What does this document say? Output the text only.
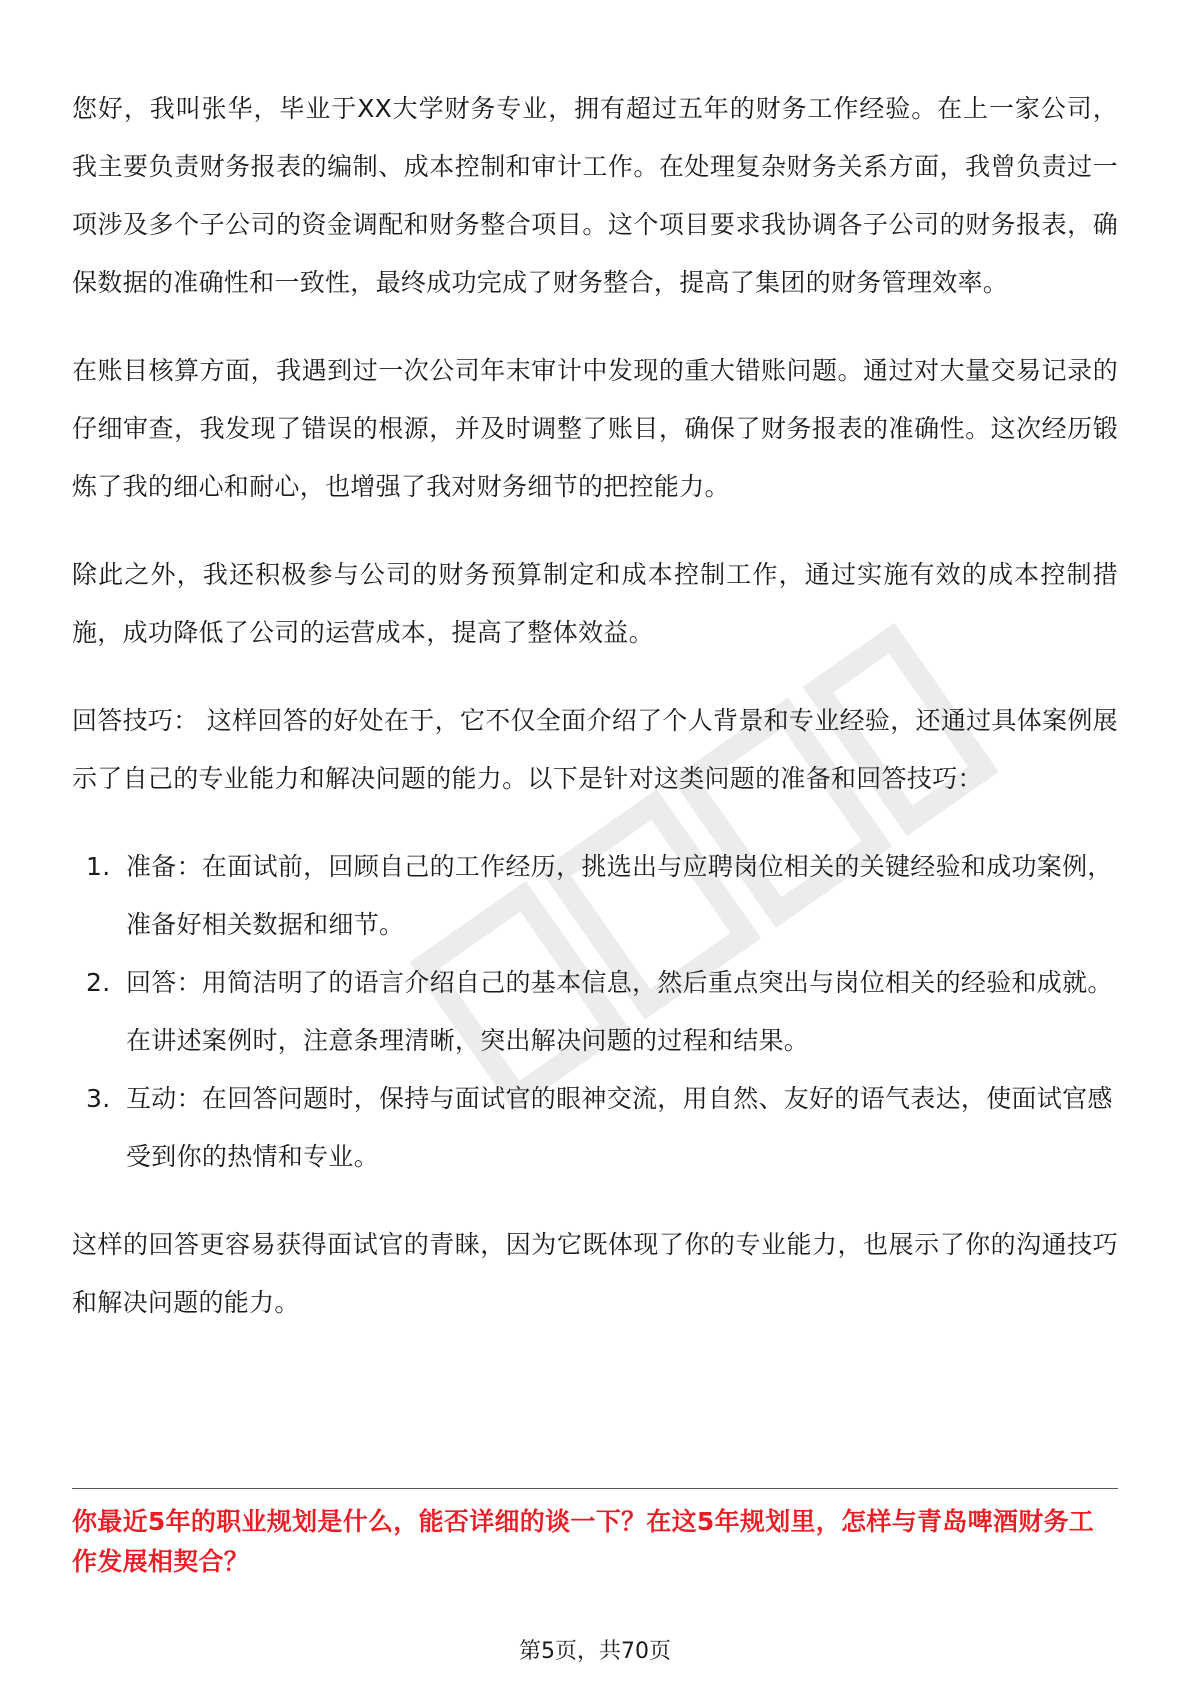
您好，我叫张华，毕业于XX大学财务专业，拥有超过五年的财务工作经验。在上一家公司，我主要负责财务报表的编制、成本控制和审计工作。在处理复杂财务关系方面，我曾负责过一项涉及多个子公司的资金调配和财务整合项目。这个项目要求我协调各子公司的财务报表，确保数据的准确性和一致性，最终成功完成了财务整合，提高了集团的财务管理效率。

在账目核算方面，我遇到过一次公司年末审计中发现的重大错账问题。通过对大量交易记录的仔细审查，我发现了错误的根源，并及时调整了账目，确保了财务报表的准确性。这次经历锻炼了我的细心和耐心，也增强了我对财务细节的把控能力。

除此之外，我还积极参与公司的财务预算制定和成本控制工作，通过实施有效的成本控制措施，成功降低了公司的运营成本，提高了整体效益。

回答技巧： 这样回答的好处在于，它不仅全面介绍了个人背景和专业经验，还通过具体案例展示了自己的专业能力和解决问题的能力。以下是针对这类问题的准备和回答技巧：

1. 准备：在面试前，回顾自己的工作经历，挑选出与应聘岗位相关的关键经验和成功案例，准备好相关数据和细节。
2. 回答：用简洁明了的语言介绍自己的基本信息，然后重点突出与岗位相关的经验和成就。在讲述案例时，注意条理清晰，突出解决问题的过程和结果。
3. 互动：在回答问题时，保持与面试官的眼神交流，用自然、友好的语气表达，使面试官感受到你的热情和专业。

这样的回答更容易获得面试官的青睐，因为它既体现了你的专业能力，也展示了你的沟通技巧和解决问题的能力。

你最近5年的职业规划是什么，能否详细的谈一下？在这5年规划里，怎样与青岛啤酒财务工作发展相契合？
第5页，共70页
